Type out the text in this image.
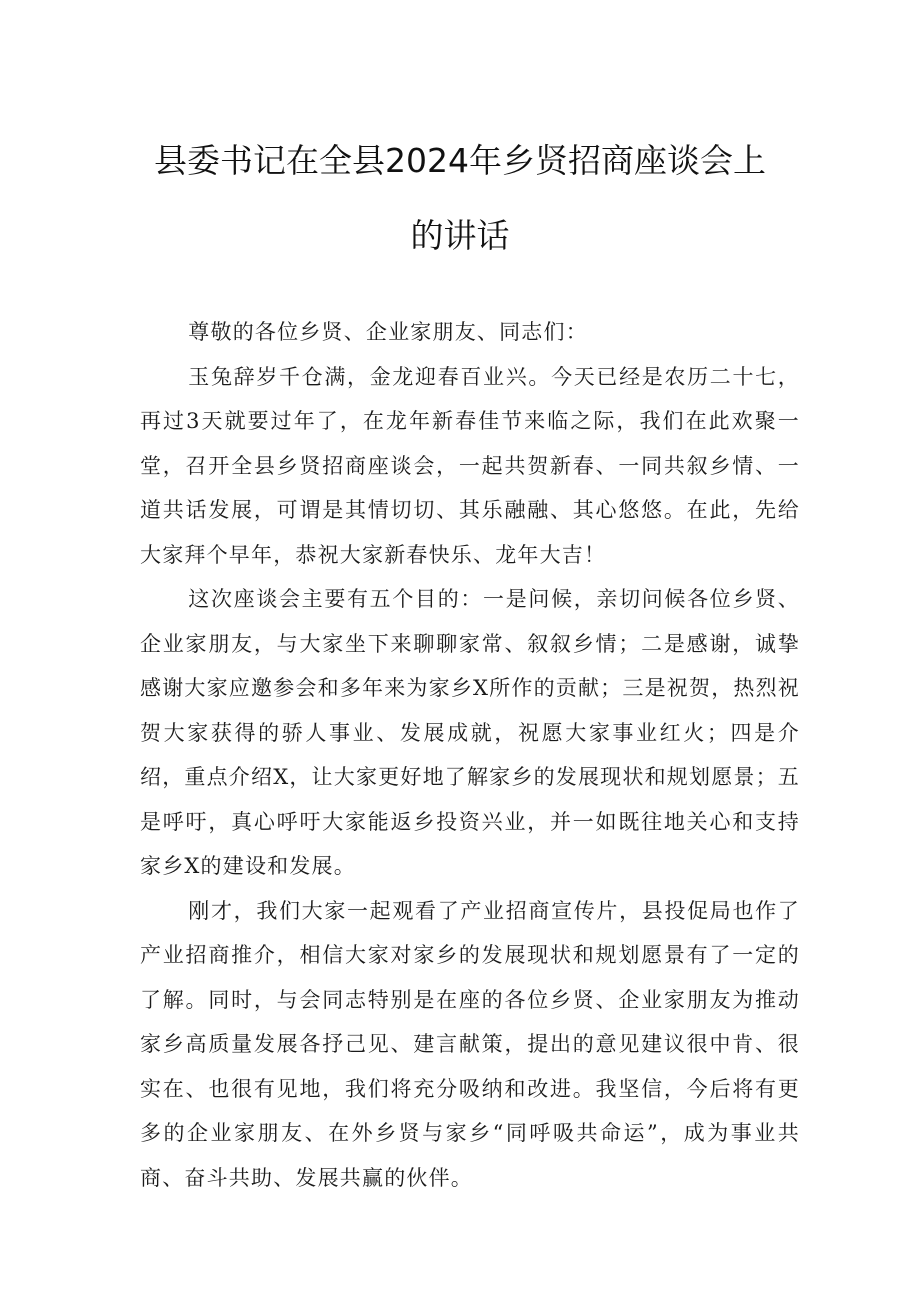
县委书记在全县2024年乡贤招商座谈会上
的讲话

尊敬的各位乡贤、企业家朋友、同志们：

玉兔辞岁千仓满，金龙迎春百业兴。今天已经是农历二十七，再过3天就要过年了，在龙年新春佳节来临之际，我们在此欢聚一堂，召开全县乡贤招商座谈会，一起共贺新春、一同共叙乡情、一道共话发展，可谓是其情切切、其乐融融、其心悠悠。在此，先给大家拜个早年，恭祝大家新春快乐、龙年大吉！

这次座谈会主要有五个目的：一是问候，亲切问候各位乡贤、企业家朋友，与大家坐下来聊聊家常、叙叙乡情；二是感谢，诚挚感谢大家应邀参会和多年来为家乡X所作的贡献；三是祝贺，热烈祝贺大家获得的骄人事业、发展成就，祝愿大家事业红火；四是介绍，重点介绍X，让大家更好地了解家乡的发展现状和规划愿景；五是呼吁，真心呼吁大家能返乡投资兴业，并一如既往地关心和支持家乡X的建设和发展。

刚才，我们大家一起观看了产业招商宣传片，县投促局也作了产业招商推介，相信大家对家乡的发展现状和规划愿景有了一定的了解。同时，与会同志特别是在座的各位乡贤、企业家朋友为推动家乡高质量发展各抒己见、建言献策，提出的意见建议很中肯、很实在、也很有见地，我们将充分吸纳和改进。我坚信，今后将有更多的企业家朋友、在外乡贤与家乡“同呼吸共命运”，成为事业共商、奋斗共助、发展共赢的伙伴。
